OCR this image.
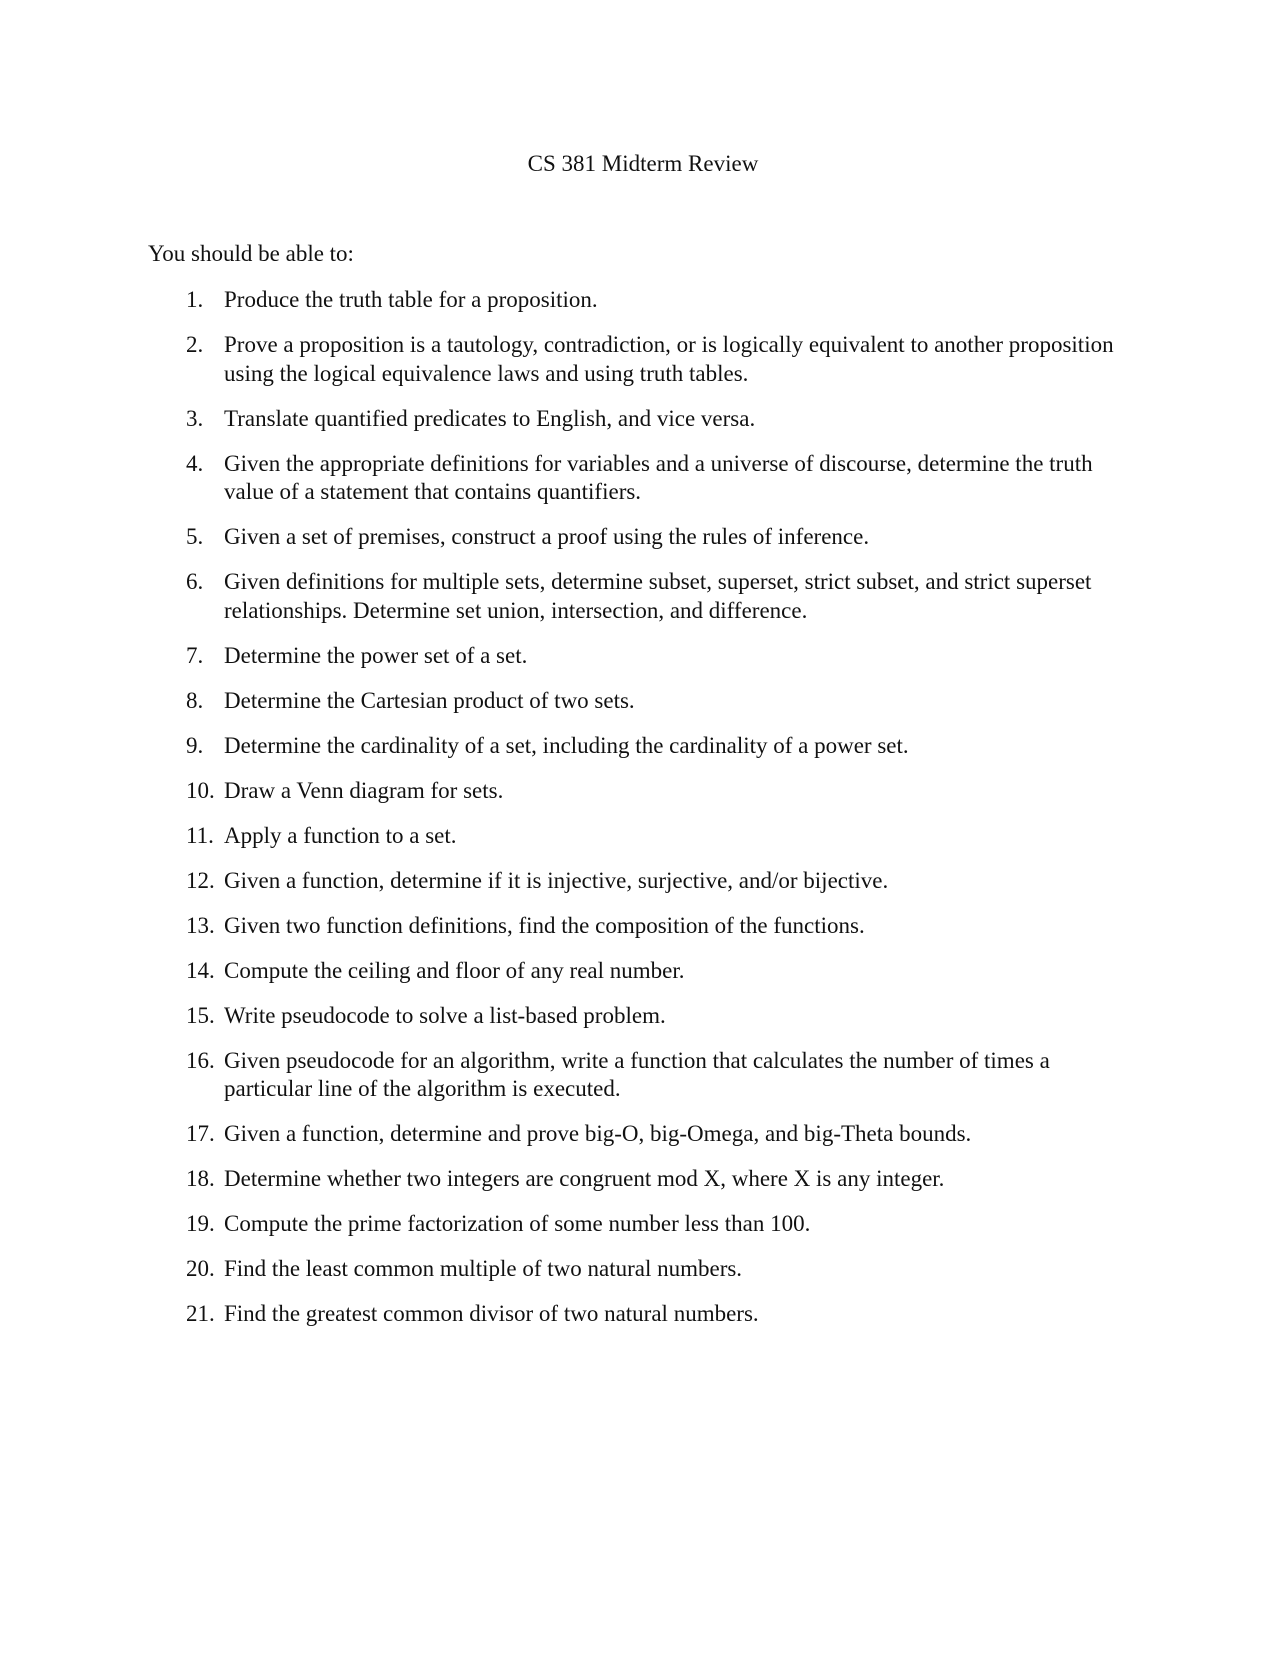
CS 381 Midterm Review
You should be able to:
1. Produce the truth table for a proposition.
2. Prove a proposition is a tautology, contradiction, or is logically equivalent to another proposition using the logical equivalence laws and using truth tables.
3. Translate quantified predicates to English, and vice versa.
4. Given the appropriate definitions for variables and a universe of discourse, determine the truth value of a statement that contains quantifiers.
5. Given a set of premises, construct a proof using the rules of inference.
6. Given definitions for multiple sets, determine subset, superset, strict subset, and strict superset relationships. Determine set union, intersection, and difference.
7. Determine the power set of a set.
8. Determine the Cartesian product of two sets.
9. Determine the cardinality of a set, including the cardinality of a power set.
10. Draw a Venn diagram for sets.
11. Apply a function to a set.
12. Given a function, determine if it is injective, surjective, and/or bijective.
13. Given two function definitions, find the composition of the functions.
14. Compute the ceiling and floor of any real number.
15. Write pseudocode to solve a list-based problem.
16. Given pseudocode for an algorithm, write a function that calculates the number of times a particular line of the algorithm is executed.
17. Given a function, determine and prove big-O, big-Omega, and big-Theta bounds.
18. Determine whether two integers are congruent mod X, where X is any integer.
19. Compute the prime factorization of some number less than 100.
20. Find the least common multiple of two natural numbers.
21. Find the greatest common divisor of two natural numbers.
